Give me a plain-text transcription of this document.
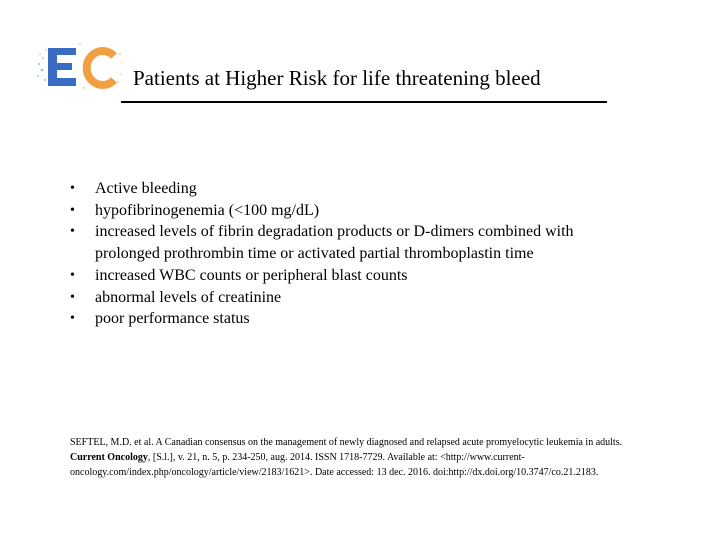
Patients at Higher Risk for life threatening bleed
•	Active bleeding
•	hypofibrinogenemia (<100 mg/dL)
•	increased levels of fibrin degradation products or D-dimers combined with prolonged prothrombin time or activated partial thromboplastin time
•	increased WBC counts or peripheral blast counts
•	abnormal levels of creatinine
•	poor performance status
SEFTEL, M.D. et al. A Canadian consensus on the management of newly diagnosed and relapsed acute promyelocytic leukemia in adults. Current Oncology, [S.l.], v. 21, n. 5, p. 234-250, aug. 2014. ISSN 1718-7729. Available at: <http://www.current-oncology.com/index.php/oncology/article/view/2183/1621>. Date accessed: 13 dec. 2016. doi:http://dx.doi.org/10.3747/co.21.2183.
